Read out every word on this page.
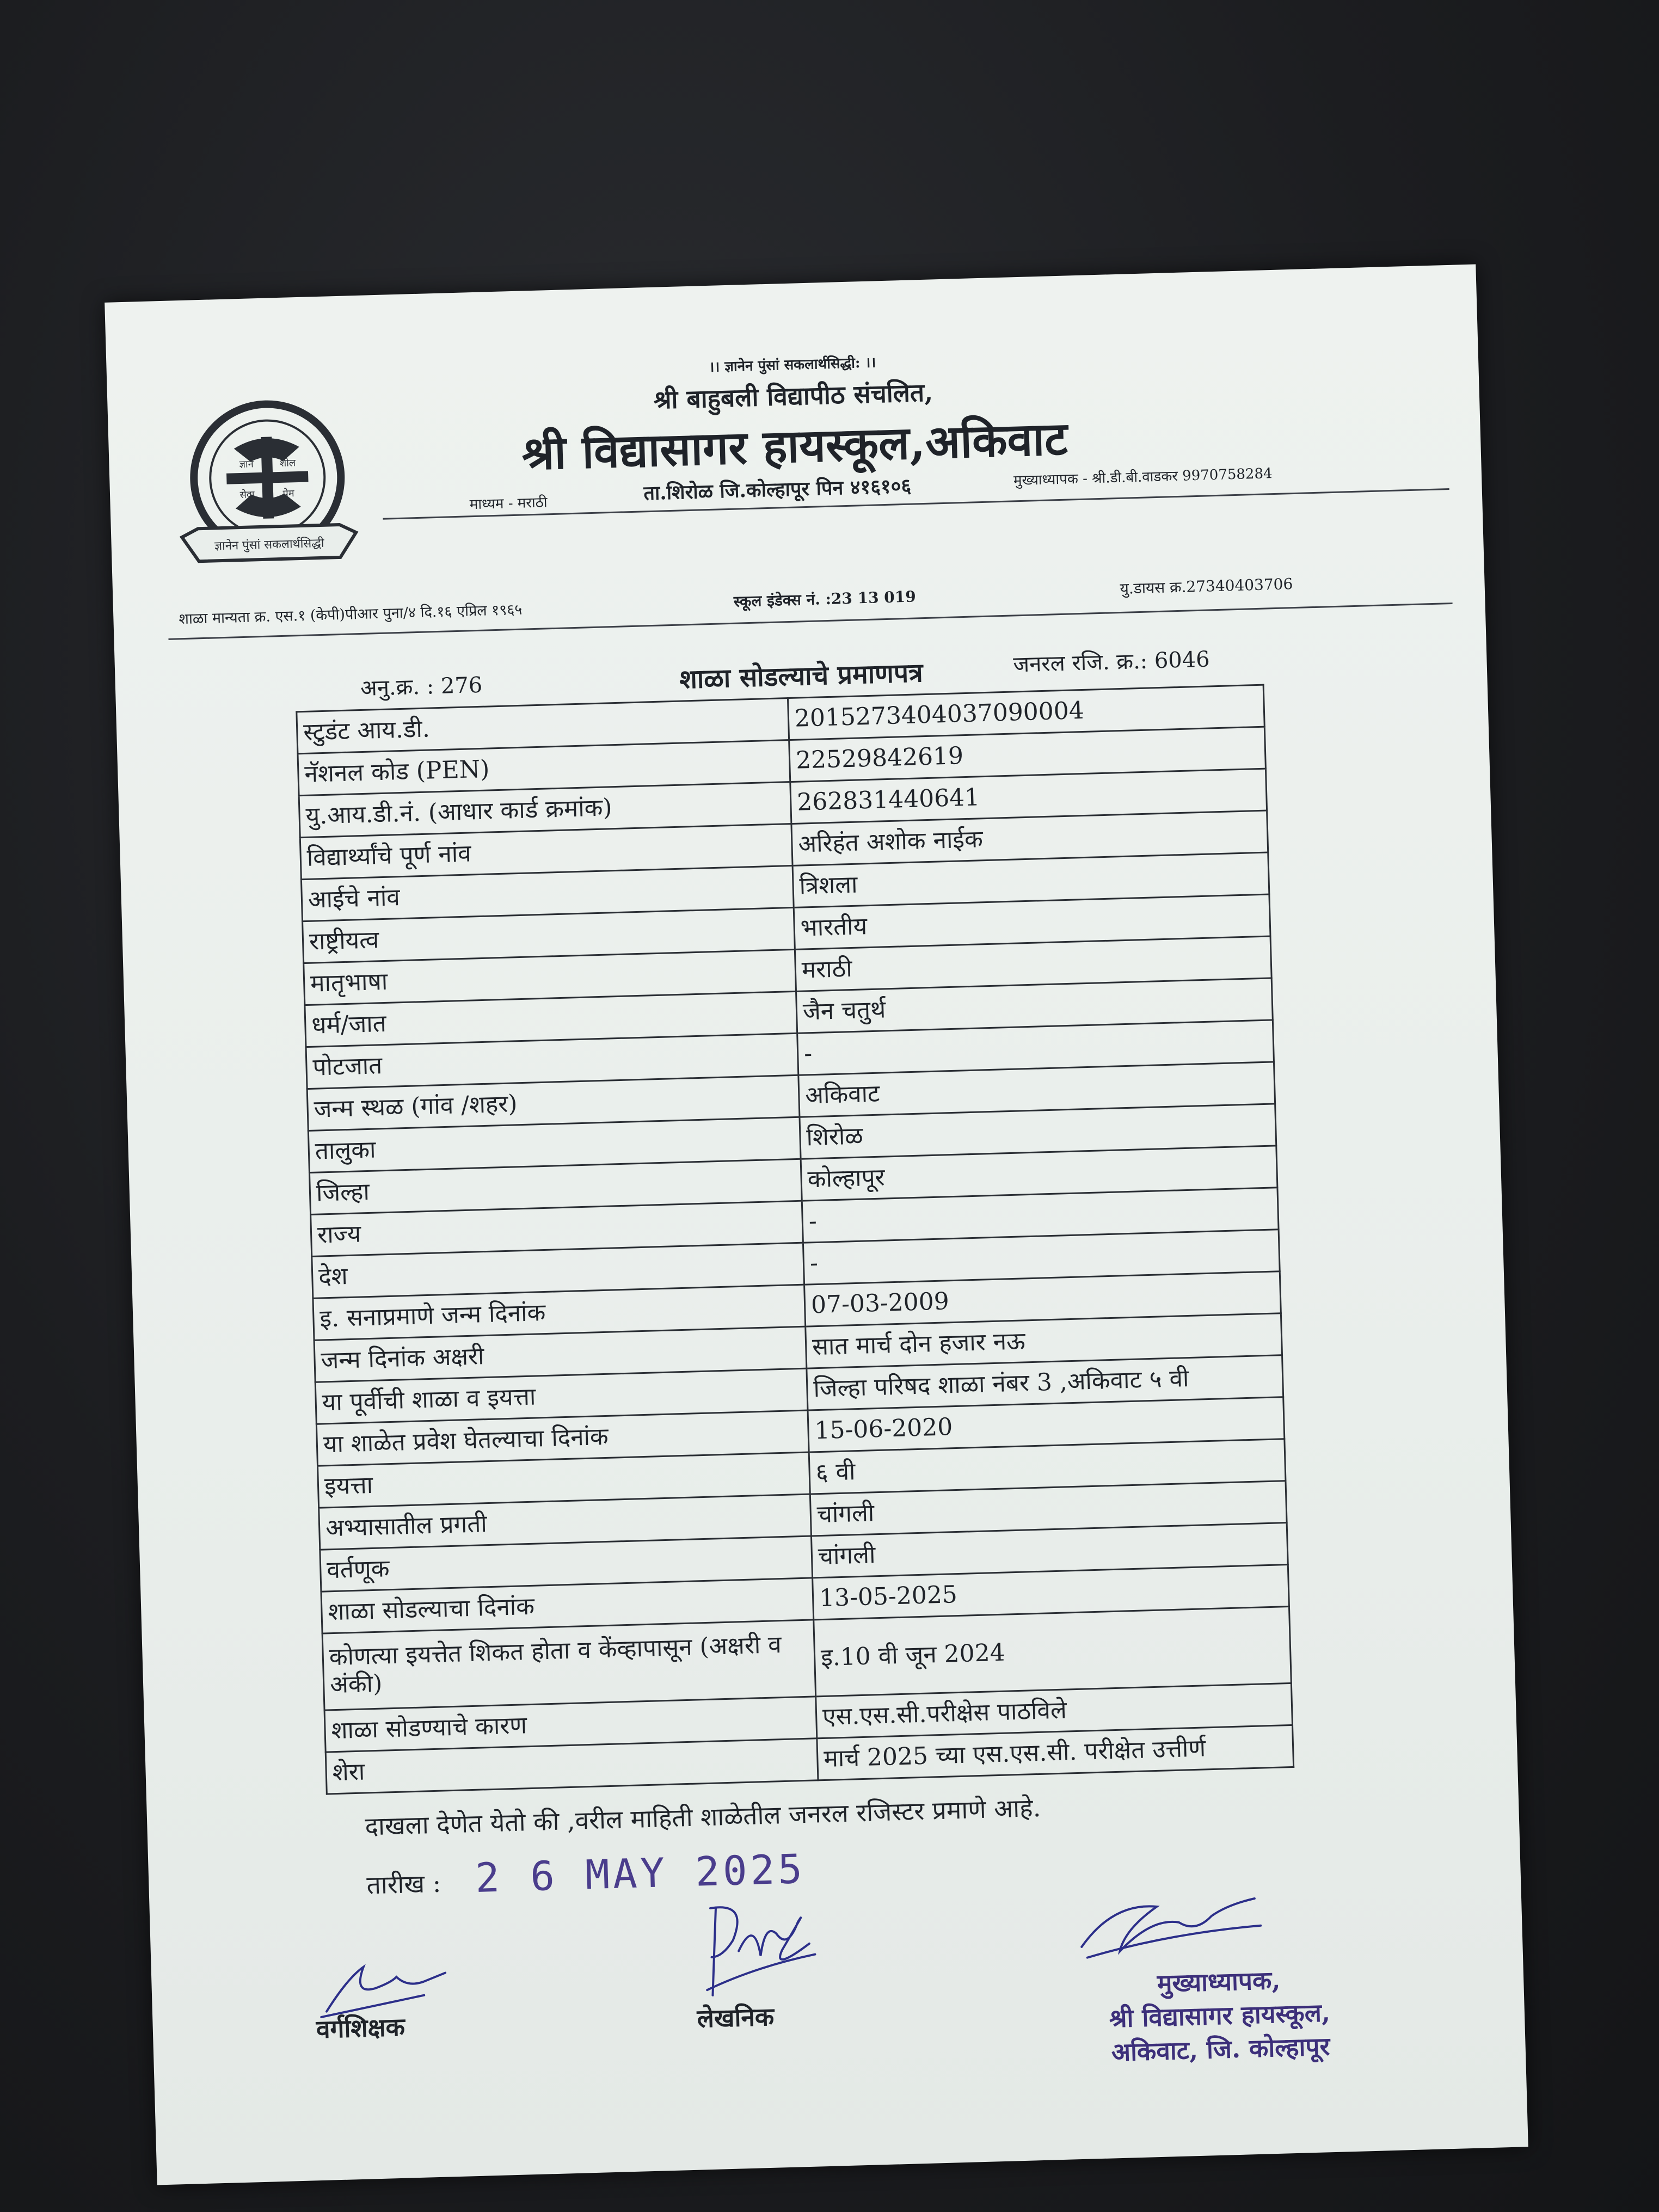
ज्ञान	शील
सेवा	प्रेम
ज्ञानेन पुंसां सकलार्थसिद्धी
।। ज्ञानेन पुंसां सकलार्थसिद्धी: ।।
श्री बाहुबली विद्यापीठ संचलित,
श्री विद्यासागर हायस्कूल,अकिवाट
माध्यम - मराठी	ता.शिरोळ जि.कोल्हापूर पिन ४१६१०६	मुख्याध्यापक - श्री.डी.बी.वाडकर 9970758284
शाळा मान्यता क्र. एस.१ (केपी)पीआर पुना/४ दि.१६ एप्रिल १९६५
स्कूल इंडेक्स नं. :23 13 019
यु.डायस क्र.27340403706
अनु.क्र. : 276	शाळा सोडल्याचे प्रमाणपत्र	जनरल रजि. क्र.: 6046
स्टुडंट आय.डी.	2015273404037090004
नॅशनल कोड (PEN)	22529842619
यु.आय.डी.नं. (आधार कार्ड क्रमांक)	262831440641
विद्यार्थ्यांचे पूर्ण नांव	अरिहंत अशोक नाईक
आईचे नांव	त्रिशला
राष्ट्रीयत्व	भारतीय
मातृभाषा	मराठी
धर्म/जात	जैन चतुर्थ
पोटजात	-
जन्म स्थळ (गांव /शहर)	अकिवाट
तालुका	शिरोळ
जिल्हा	कोल्हापूर
राज्य	-
देश	-
इ. सनाप्रमाणे जन्म दिनांक	07-03-2009
जन्म दिनांक अक्षरी	सात मार्च दोन हजार नऊ
या पूर्वीची शाळा व इयत्ता	जिल्हा परिषद शाळा नंबर 3 ,अकिवाट ५ वी
या शाळेत प्रवेश घेतल्याचा दिनांक	15-06-2020
इयत्ता	६ वी
अभ्यासातील प्रगती	चांगली
वर्तणूक	चांगली
शाळा सोडल्याचा दिनांक	13-05-2025
कोणत्या इयत्तेत शिकत होता व केंव्हापासून (अक्षरी व अंकी)	इ.10 वी जून 2024
शाळा सोडण्याचे कारण	एस.एस.सी.परीक्षेस पाठविले
शेरा	मार्च 2025 च्या एस.एस.सी. परीक्षेत उत्तीर्ण
दाखला देणेत येतो की ,वरील माहिती शाळेतील जनरल रजिस्टर प्रमाणे आहे.
तारीख : 2 6 MAY 2025
वर्गशिक्षक	लेखनिक
मुख्याध्यापक,
श्री विद्यासागर हायस्कूल,
अकिवाट, जि. कोल्हापूर
